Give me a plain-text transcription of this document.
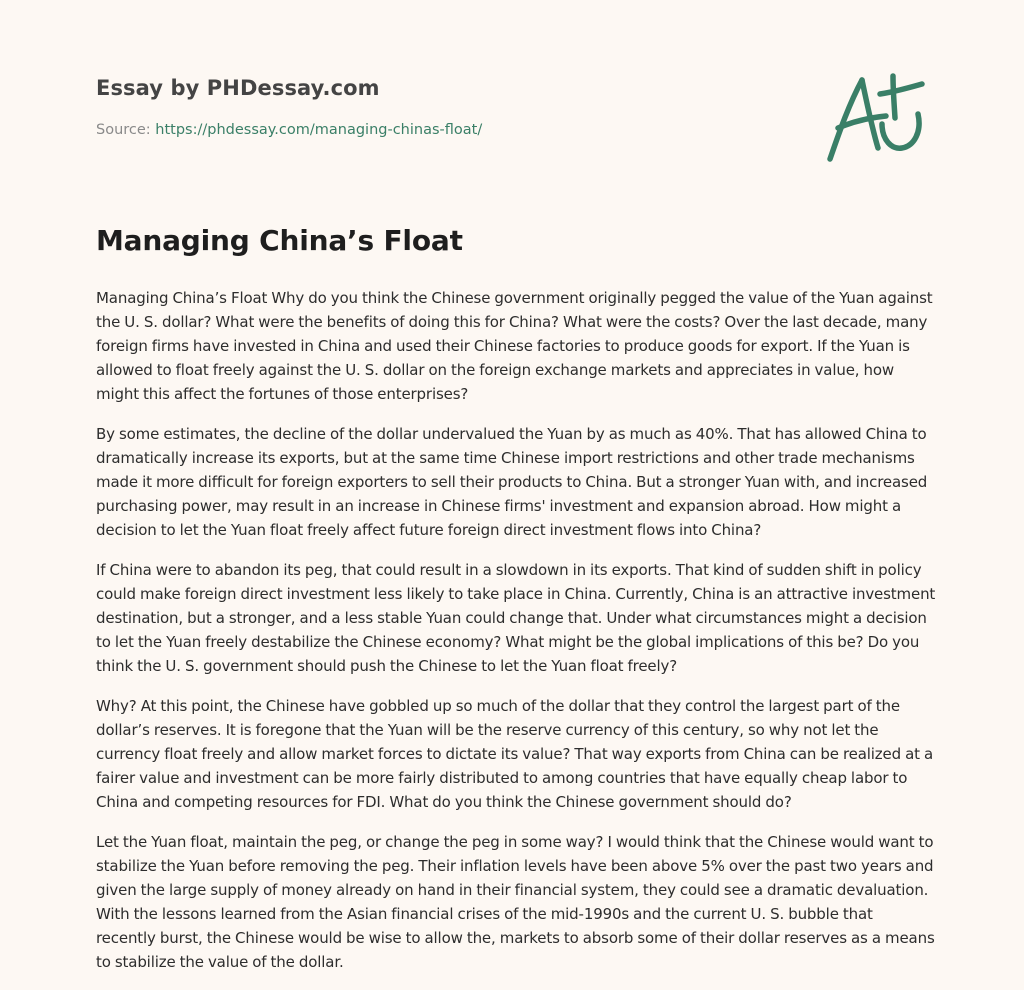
Essay by PHDessay.com
Source: https://phdessay.com/managing-chinas-float/
Managing China’s Float

Managing China’s Float Why do you think the Chinese government originally pegged the value of the Yuan against the U. S. dollar? What were the benefits of doing this for China? What were the costs? Over the last decade, many foreign firms have invested in China and used their Chinese factories to produce goods for export. If the Yuan is allowed to float freely against the U. S. dollar on the foreign exchange markets and appreciates in value, how might this affect the fortunes of those enterprises?

By some estimates, the decline of the dollar undervalued the Yuan by as much as 40%. That has allowed China to dramatically increase its exports, but at the same time Chinese import restrictions and other trade mechanisms made it more difficult for foreign exporters to sell their products to China. But a stronger Yuan with, and increased purchasing power, may result in an increase in Chinese firms' investment and expansion abroad. How might a decision to let the Yuan float freely affect future foreign direct investment flows into China?

If China were to abandon its peg, that could result in a slowdown in its exports. That kind of sudden shift in policy could make foreign direct investment less likely to take place in China. Currently, China is an attractive investment destination, but a stronger, and a less stable Yuan could change that. Under what circumstances might a decision to let the Yuan freely destabilize the Chinese economy? What might be the global implications of this be? Do you think the U. S. government should push the Chinese to let the Yuan float freely?

Why? At this point, the Chinese have gobbled up so much of the dollar that they control the largest part of the dollar’s reserves. It is foregone that the Yuan will be the reserve currency of this century, so why not let the currency float freely and allow market forces to dictate its value? That way exports from China can be realized at a fairer value and investment can be more fairly distributed to among countries that have equally cheap labor to China and competing resources for FDI. What do you think the Chinese government should do?

Let the Yuan float, maintain the peg, or change the peg in some way? I would think that the Chinese would want to stabilize the Yuan before removing the peg. Their inflation levels have been above 5% over the past two years and given the large supply of money already on hand in their financial system, they could see a dramatic devaluation. With the lessons learned from the Asian financial crises of the mid-1990s and the current U. S. bubble that recently burst, the Chinese would be wise to allow the, markets to absorb some of their dollar reserves as a means to stabilize the value of the dollar.
